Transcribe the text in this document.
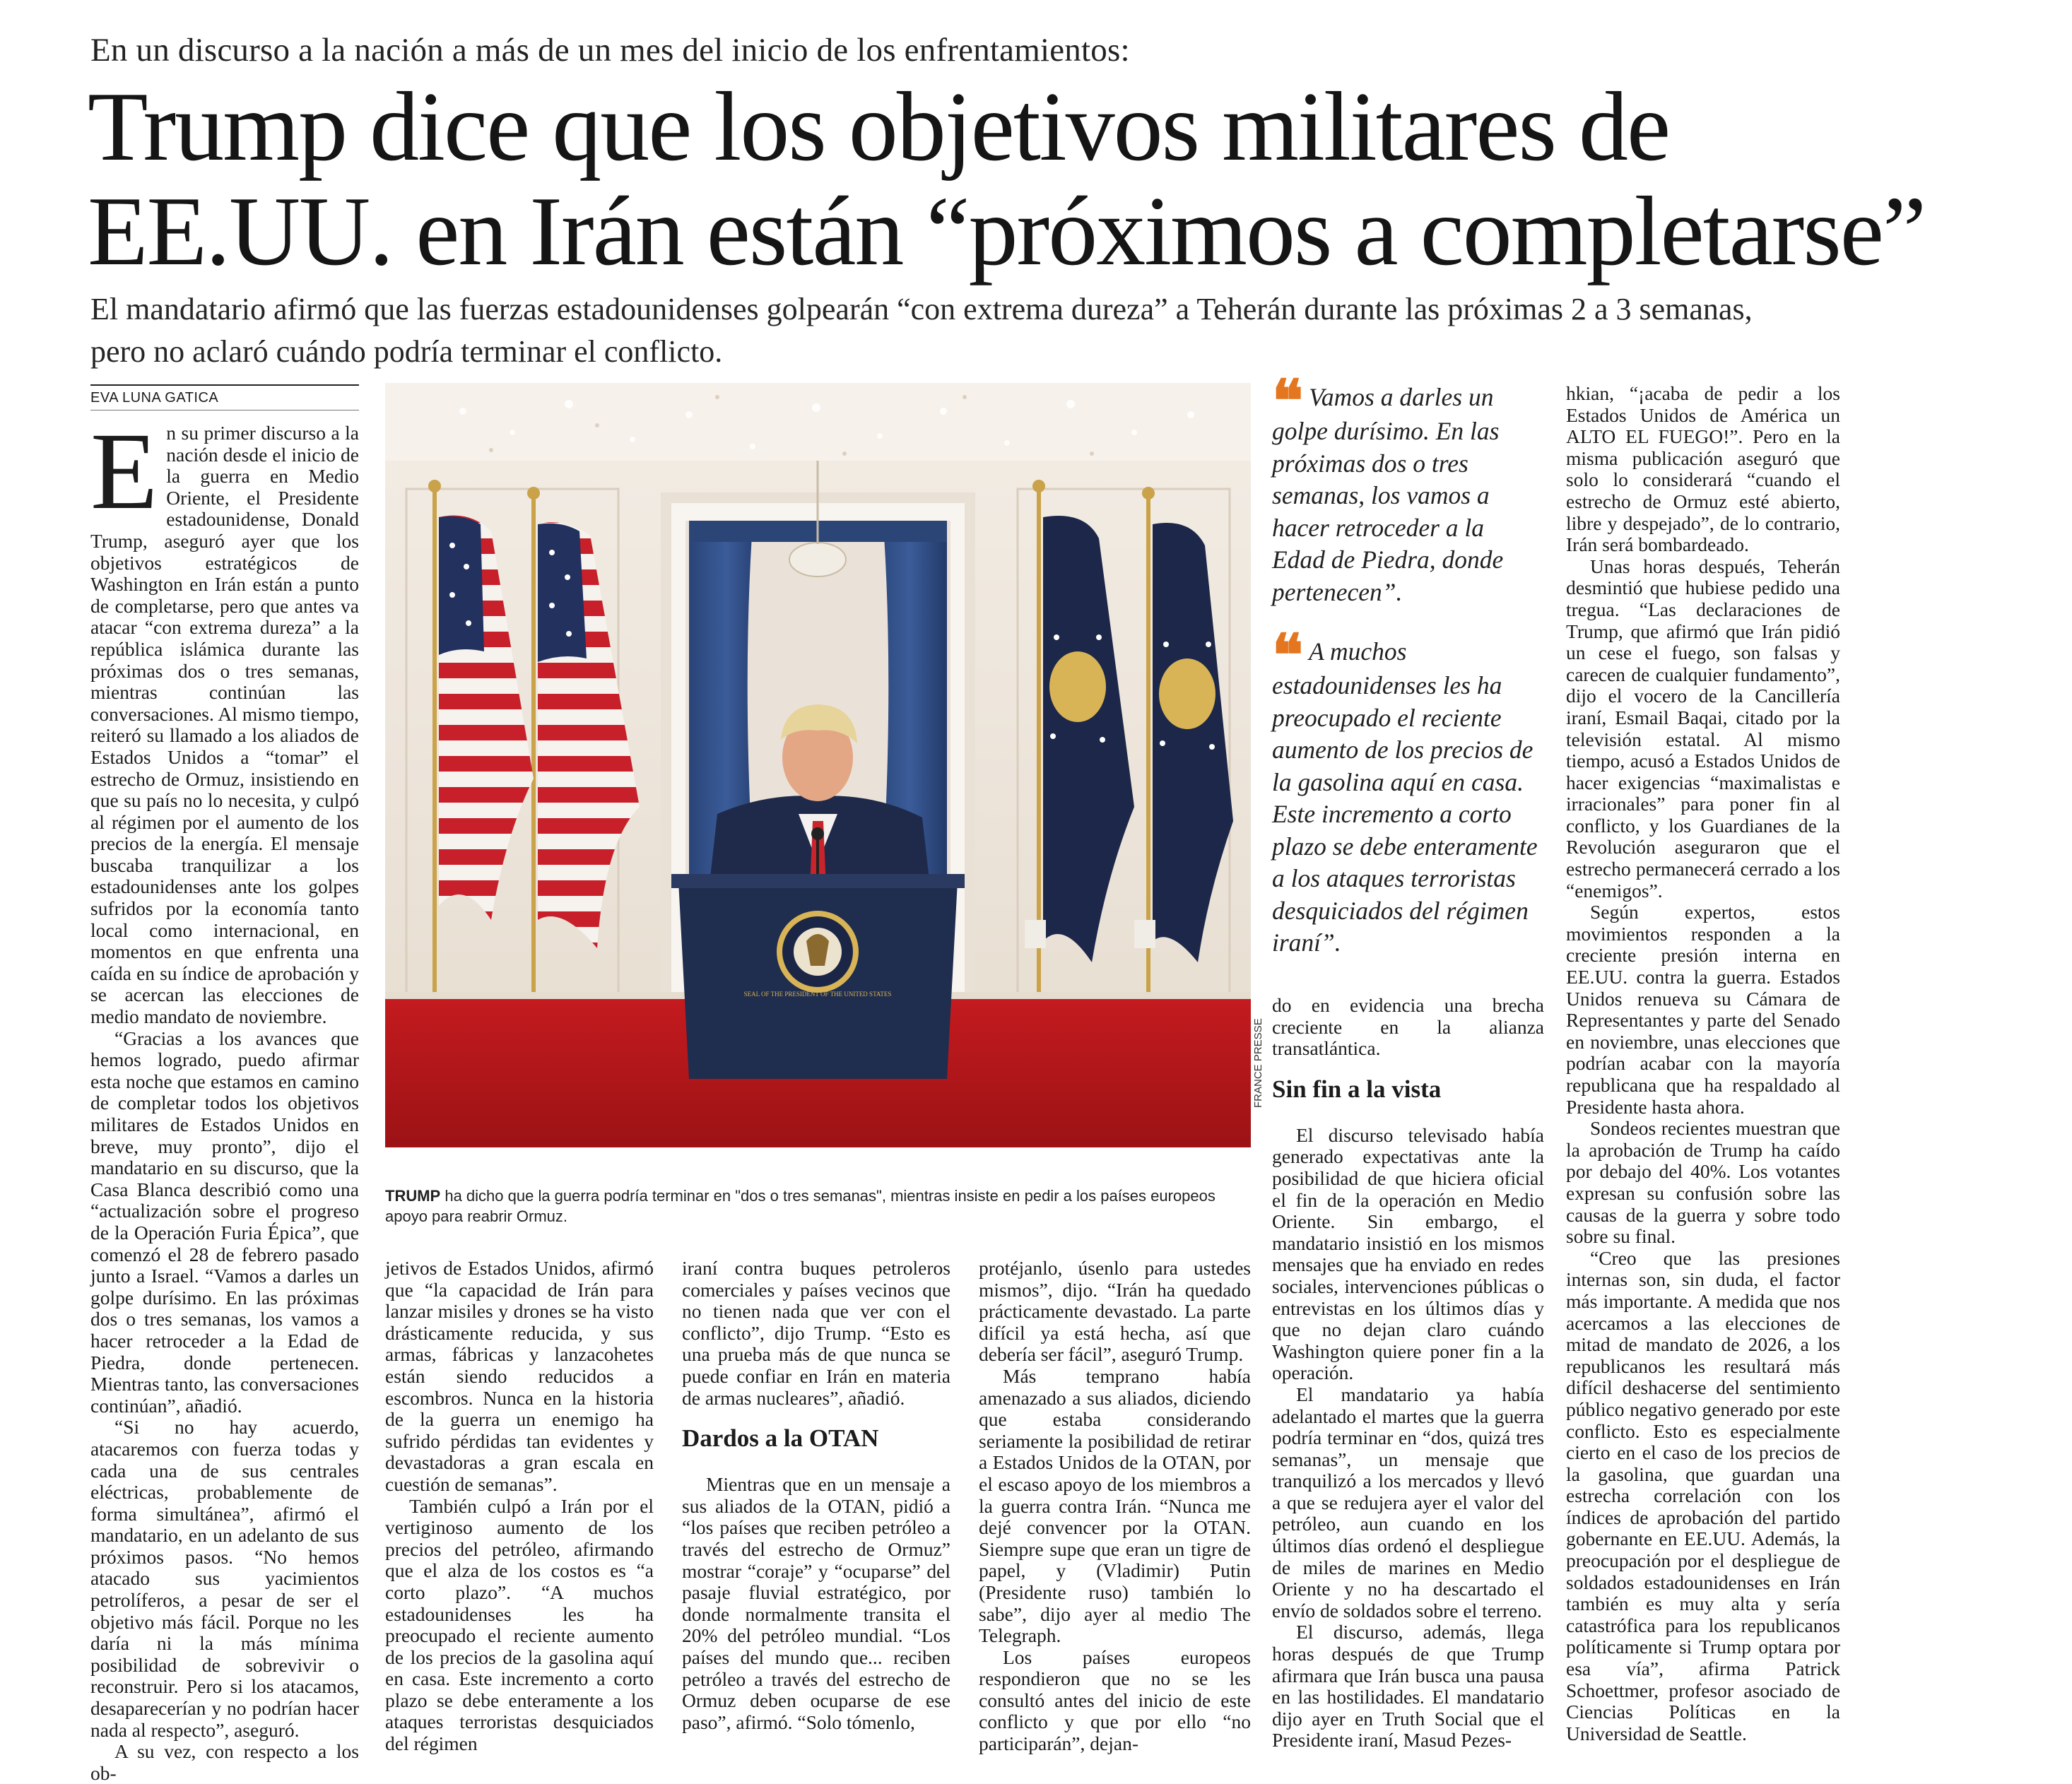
En un discurso a la nación a más de un mes del inicio de los enfrentamientos:
Trump dice que los objetivos militares de
EE.UU. en Irán están “próximos a completarse”
El mandatario afirmó que las fuerzas estadounidenses golpearán “con extrema dureza” a Teherán durante las próximas 2 a 3 semanas, pero no aclaró cuándo podría terminar el conflicto.
EVA LUNA GATICA
E n su primer discurso a la nación desde el inicio de la guerra en Medio Oriente, el Presidente estadounidense, Donald Trump, aseguró ayer que los objetivos estratégicos de Washington en Irán están a punto de completarse, pero que antes va atacar “con extrema dureza” a la república islámica durante las próximas dos o tres semanas, mientras continúan las conversaciones. Al mismo tiempo, reiteró su llamado a los aliados de Estados Unidos a “tomar” el estrecho de Ormuz, insistiendo en que su país no lo necesita, y culpó al régimen por el aumento de los precios de la energía. El mensaje buscaba tranquilizar a los estadounidenses ante los golpes sufridos por la economía tanto local como internacional, en momentos en que enfrenta una caída en su índice de aprobación y se acercan las elecciones de medio mandato de noviembre.

“Gracias a los avances que hemos logrado, puedo afirmar esta noche que estamos en camino de completar todos los objetivos militares de Estados Unidos en breve, muy pronto”, dijo el mandatario en su discurso, que la Casa Blanca describió como una “actualización sobre el progreso de la Operación Furia Épica”, que comenzó el 28 de febrero pasado junto a Israel. “Vamos a darles un golpe durísimo. En las próximas dos o tres semanas, los vamos a hacer retroceder a la Edad de Piedra, donde pertenecen. Mientras tanto, las conversaciones continúan”, añadió.

“Si no hay acuerdo, atacaremos con fuerza todas y cada una de sus centrales eléctricas, probablemente de forma simultánea”, afirmó el mandatario, en un adelanto de sus próximos pasos. “No hemos atacado sus yacimientos petrolíferos, a pesar de ser el objetivo más fácil. Porque no les daría ni la más mínima posibilidad de sobrevivir o reconstruir. Pero si los atacamos, desaparecerían y no podrían hacer nada al respecto”, aseguró.

A su vez, con respecto a los ob-

SEAL OF THE PRESIDENT OF THE UNITED STATES
FRANCE PRESSE
TRUMP ha dicho que la guerra podría terminar en "dos o tres semanas", mientras insiste en pedir a los países europeos apoyo para reabrir Ormuz.

jetivos de Estados Unidos, afirmó que “la capacidad de Irán para lanzar misiles y drones se ha visto drásticamente reducida, y sus armas, fábricas y lanzacohetes están siendo reducidos a escombros. Nunca en la historia de la guerra un enemigo ha sufrido pérdidas tan evidentes y devastadoras a gran escala en cuestión de semanas”.

También culpó a Irán por el vertiginoso aumento de los precios del petróleo, afirmando que el alza de los costos es “a corto plazo”. “A muchos estadounidenses les ha preocupado el reciente aumento de los precios de la gasolina aquí en casa. Este incremento a corto plazo se debe enteramente a los ataques terroristas desquiciados del régimen

iraní contra buques petroleros comerciales y países vecinos que no tienen nada que ver con el conflicto”, dijo Trump. “Esto es una prueba más de que nunca se puede confiar en Irán en materia de armas nucleares”, añadió.

Dardos a la OTAN

Mientras que en un mensaje a sus aliados de la OTAN, pidió a “los países que reciben petróleo a través del estrecho de Ormuz” mostrar “coraje” y “ocuparse” del pasaje fluvial estratégico, por donde normalmente transita el 20% del petróleo mundial. “Los países del mundo que... reciben petróleo a través del estrecho de Ormuz deben ocuparse de ese paso”, afirmó. “Solo tómenlo,

protéjanlo, úsenlo para ustedes mismos”, dijo. “Irán ha quedado prácticamente devastado. La parte difícil ya está hecha, así que debería ser fácil”, aseguró Trump.

Más temprano había amenazado a sus aliados, diciendo que estaba considerando seriamente la posibilidad de retirar a Estados Unidos de la OTAN, por el escaso apoyo de los miembros a la guerra contra Irán. “Nunca me dejé convencer por la OTAN. Siempre supe que eran un tigre de papel, y (Vladimir) Putin (Presidente ruso) también lo sabe”, dijo ayer al medio The Telegraph.

Los países europeos respondieron que no se les consultó antes del inicio de este conflicto y que por ello “no participarán”, dejan-

❝ Vamos a darles un golpe durísimo. En las próximas dos o tres semanas, los vamos a hacer retroceder a la Edad de Piedra, donde pertenecen”.
❝ A muchos estadounidenses les ha preocupado el reciente aumento de los precios de la gasolina aquí en casa. Este incremento a corto plazo se debe enteramente a los ataques terroristas desquiciados del régimen iraní”.

do en evidencia una brecha creciente en la alianza transatlántica.

Sin fin a la vista

El discurso televisado había generado expectativas ante la posibilidad de que hiciera oficial el fin de la operación en Medio Oriente. Sin embargo, el mandatario insistió en los mismos mensajes que ha enviado en redes sociales, intervenciones públicas o entrevistas en los últimos días y que no dejan claro cuándo Washington quiere poner fin a la operación.

El mandatario ya había adelantado el martes que la guerra podría terminar en “dos, quizá tres semanas”, un mensaje que tranquilizó a los mercados y llevó a que se redujera ayer el valor del petróleo, aun cuando en los últimos días ordenó el despliegue de miles de marines en Medio Oriente y no ha descartado el envío de soldados sobre el terreno.

El discurso, además, llega horas después de que Trump afirmara que Irán busca una pausa en las hostilidades. El mandatario dijo ayer en Truth Social que el Presidente iraní, Masud Pezes-

hkian, “¡acaba de pedir a los Estados Unidos de América un ALTO EL FUEGO!”. Pero en la misma publicación aseguró que solo lo considerará “cuando el estrecho de Ormuz esté abierto, libre y despejado”, de lo contrario, Irán será bombardeado.

Unas horas después, Teherán desmintió que hubiese pedido una tregua. “Las declaraciones de Trump, que afirmó que Irán pidió un cese el fuego, son falsas y carecen de cualquier fundamento”, dijo el vocero de la Cancillería iraní, Esmail Baqai, citado por la televisión estatal. Al mismo tiempo, acusó a Estados Unidos de hacer exigencias “maximalistas e irracionales” para poner fin al conflicto, y los Guardianes de la Revolución aseguraron que el estrecho permanecerá cerrado a los “enemigos”.

Según expertos, estos movimientos responden a la creciente presión interna en EE.UU. contra la guerra. Estados Unidos renueva su Cámara de Representantes y parte del Senado en noviembre, unas elecciones que podrían acabar con la mayoría republicana que ha respaldado al Presidente hasta ahora.

Sondeos recientes muestran que la aprobación de Trump ha caído por debajo del 40%. Los votantes expresan su confusión sobre las causas de la guerra y sobre todo sobre su final.

“Creo que las presiones internas son, sin duda, el factor más importante. A medida que nos acercamos a las elecciones de mitad de mandato de 2026, a los republicanos les resultará más difícil deshacerse del sentimiento público negativo generado por este conflicto. Esto es especialmente cierto en el caso de los precios de la gasolina, que guardan una estrecha correlación con los índices de aprobación del partido gobernante en EE.UU. Además, la preocupación por el despliegue de soldados estadounidenses en Irán también es muy alta y sería catastrófica para los republicanos políticamente si Trump optara por esa vía”, afirma Patrick Schoettmer, profesor asociado de Ciencias Políticas en la Universidad de Seattle.
